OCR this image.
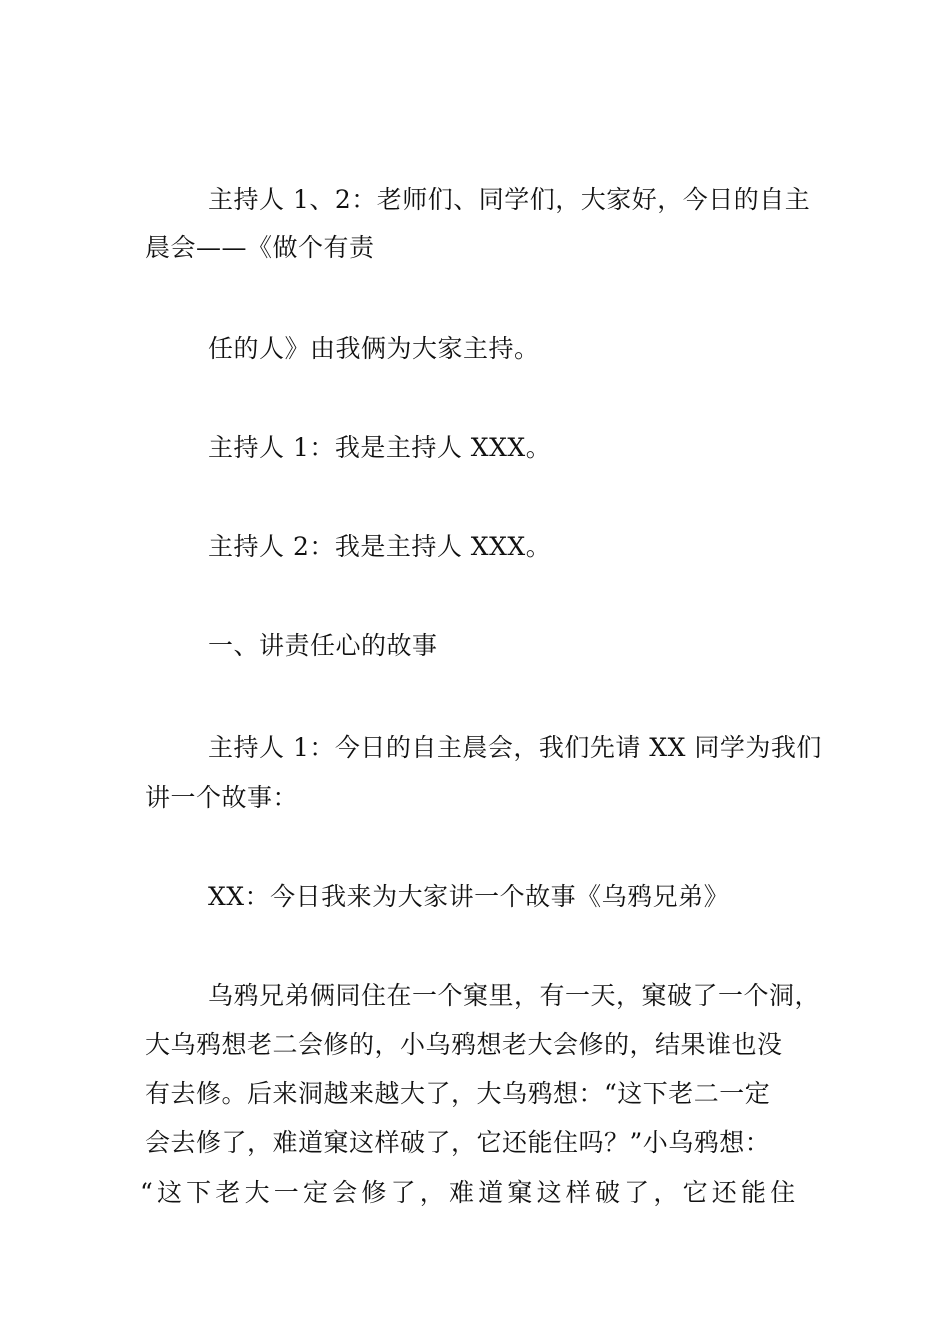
主持人 1、2：老师们、同学们，大家好，今日的自主
晨会——《做个有责
任的人》由我俩为大家主持。
主持人 1：我是主持人 XXX。
主持人 2：我是主持人 XXX。
一、讲责任心的故事
主持人 1：今日的自主晨会，我们先请 XX 同学为我们
讲一个故事：
XX：今日我来为大家讲一个故事《乌鸦兄弟》
乌鸦兄弟俩同住在一个窠里，有一天，窠破了一个洞，
大乌鸦想老二会修的，小乌鸦想老大会修的，结果谁也没
有去修。后来洞越来越大了，大乌鸦想：“这下老二一定
会去修了，难道窠这样破了，它还能住吗？”小乌鸦想：
“这下老大一定会修了，难道窠这样破了，它还能住
